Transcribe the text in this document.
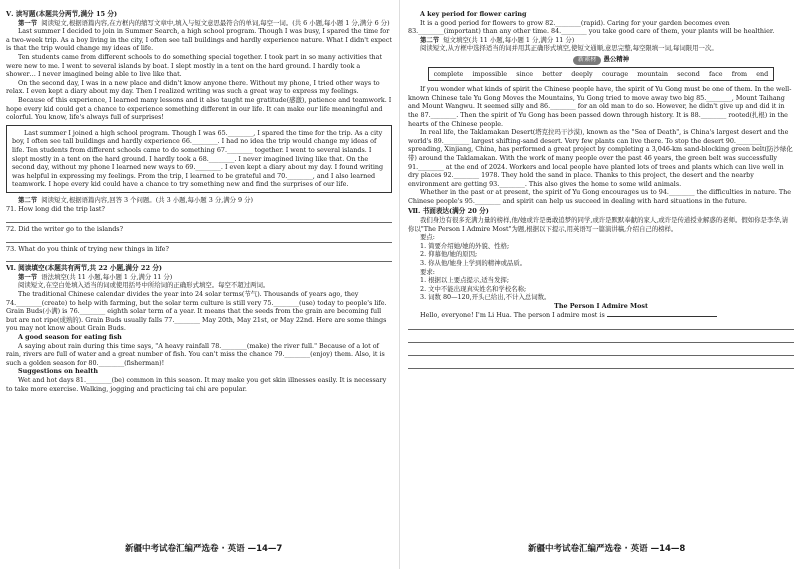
Ⅴ. 读写题(本题共分两节,满分 15 分)

第一节 阅读短文,根据语篇内容,在方框内的缩写文章中,填入与短文意思最符合的单词,每空一词。(共 6 小题,每小题 1 分,满分 6 分)

Last summer I decided to join in Summer Search, a high school program. Though I was busy, I spared the time for a two-week trip. As a boy living in the city, I often see tall buildings and hardly experience nature. What I didn't expect is that the trip would change my ideas of life.

Ten students came from different schools to do something special together. I took part in so many activities that were new to me. I went to several islands by boat. I slept mostly in a tent on the hard ground. I hardly took a shower… I never imagined being able to live like that.

On the second day, I was in a new place and didn't know anyone there. Without my phone, I tried other ways to relax. I even kept a diary about my day. Then I realized writing was such a great way to express my feelings.

Because of this experience, I learned many lessons and it also taught me gratitude(感激), patience and teamwork. I hope every kid could get a chance to experience something different in our life. It can make our life meaningful and colorful. You know, life's always full of surprises!

Last summer I joined a high school program. Though I was 65.________, I spared the time for the trip. As a city boy, I often see tall buildings and hardly experience 66.________. I had no idea the trip would change my ideas of life. Ten students from different schools came to do something 67.________ together. I went to several islands. I slept mostly in a tent on the hard ground. I hardly took a 68.________. I never imagined living like that. On the second day, without my phone I learned new ways to 69.________. I even kept a diary about my day. I found writing was helpful in expressing my feelings. From the trip, I learned to be grateful and 70.________, and I also learned teamwork. I hope every kid could have a chance to try something new and find the surprises of our life.

第二节 阅读短文,根据语篇内容,回答 3 个问题。(共 3 小题,每小题 3 分,满分 9 分)

71. How long did the trip last?

72. Did the writer go to the islands?

73. What do you think of trying new things in life?

Ⅵ. 阅读填空(本题共有两节,共 22 小题,满分 22 分)

第一节 语法填空(共 11 小题,每小题 1 分,满分 11 分)

阅读短文,在空白处填入适当的词或使用括号中所给词的正确形式填空。每空不超过两词。

The traditional Chinese calendar divides the year into 24 solar terms(节气). Thousands of years ago, they 74.________(create) to help with farming, but the solar term culture is still very 75.________(use) today to people's life. Grain Buds(小满) is 76.________ eighth solar term of a year. It means that the seeds from the grain are becoming full but are not ripe(成熟的). Grain Buds usually falls 77.________ May 20th, May 21st, or May 22nd. Here are some things you may not know about Grain Buds.

A good season for eating fish

A saying about rain during this time says, "A heavy rainfall 78.________(make) the river full." Because of a lot of rain, rivers are full of water and a great number of fish. You can't miss the chance 79.________(enjoy) them. Also, it is such a golden season for 80.________(fisherman)!

Suggestions on health

Wet and hot days 81.________(be) common in this season. It may make you get skin illnesses easily. It is necessary to take more exercise. Walking, jogging and practicing tai chi are popular.

A key period for flower caring

It is a good period for flowers to grow 82.________(rapid). Caring for your garden becomes even 83.________(important) than any other time. 84.________ you take good care of them, your plants will be healthier.

第二节 短文填空(共 11 小题,每小题 1 分,满分 11 分)

阅读短文,从方框中选择适当的词并用其正确形式填空,使短文通顺,意思完整,每空限填一词,每词限用一次。

新素材 愚公精神

complete impossible since better deeply courage mountain second face from end

If you wonder what kinds of spirit the Chinese people have, the spirit of Yu Gong must be one of them. In the well-known Chinese tale Yu Gong Moves the Mountains, Yu Gong tried to move away two big 85.________, Mount Taihang and Mount Wangwu. It seemed silly and 86.________ for an old man to do so. However, he didn't give up and did it in the 87.________. Then the spirit of Yu Gong has been passed down through history. It is 88.________ rooted(扎根) in the hearts of the Chinese people.

In real life, the Taklamakan Desert(塔克拉玛干沙漠), known as the "Sea of Death", is China's largest desert and the world's 89.________ largest shifting-sand desert. Very few plants can live there. To stop the desert 90.________ spreading, Xinjiang, China, has performed a great project by completing a 3,046-km sand-blocking green belt(防沙绿化带) around the Taklamakan. With the work of many people over the past 46 years, the green belt was successfully 91.________ at the end of 2024. Workers and local people have planted lots of trees and plants which can live well in dry places 92.________ 1978. They hold the sand in place. Thanks to this project, the desert and the nearby environment are getting 93.________. This also gives the home to some wild animals.

Whether in the past or at present, the spirit of Yu Gong encourages us to 94.________ the difficulties in nature. The Chinese people's 95.________ and spirit can help us succeed in dealing with hard situations in the future.

Ⅶ. 书面表达(满分 20 分)

我们身边有很多充满力量的榜样,他/她或许是勇敢追梦的同学,或许是默默奉献的家人,或许是传道授业解惑的老师。假如你是李华,请你以"The Person I Admire Most"为题,根据以下提示,用英语写一篇演讲稿,介绍自己的榜样。

要点:

1. 简要介绍她/她的外貌、性格;

2. 仰慕他/她的原因;

3. 你从他/她身上学到的精神或品质。

要求:

1. 根据以上要点提示,适当发挥;

2. 文中不能出现真实姓名和学校名称;

3. 词数 80—120,开头已给出,不计入总词数。

The Person I Admire Most

Hello, everyone! I'm Li Hua. The person I admire most is

新疆中考试卷汇编严选卷 · 英语 —14—7	新疆中考试卷汇编严选卷 · 英语 —14—8
